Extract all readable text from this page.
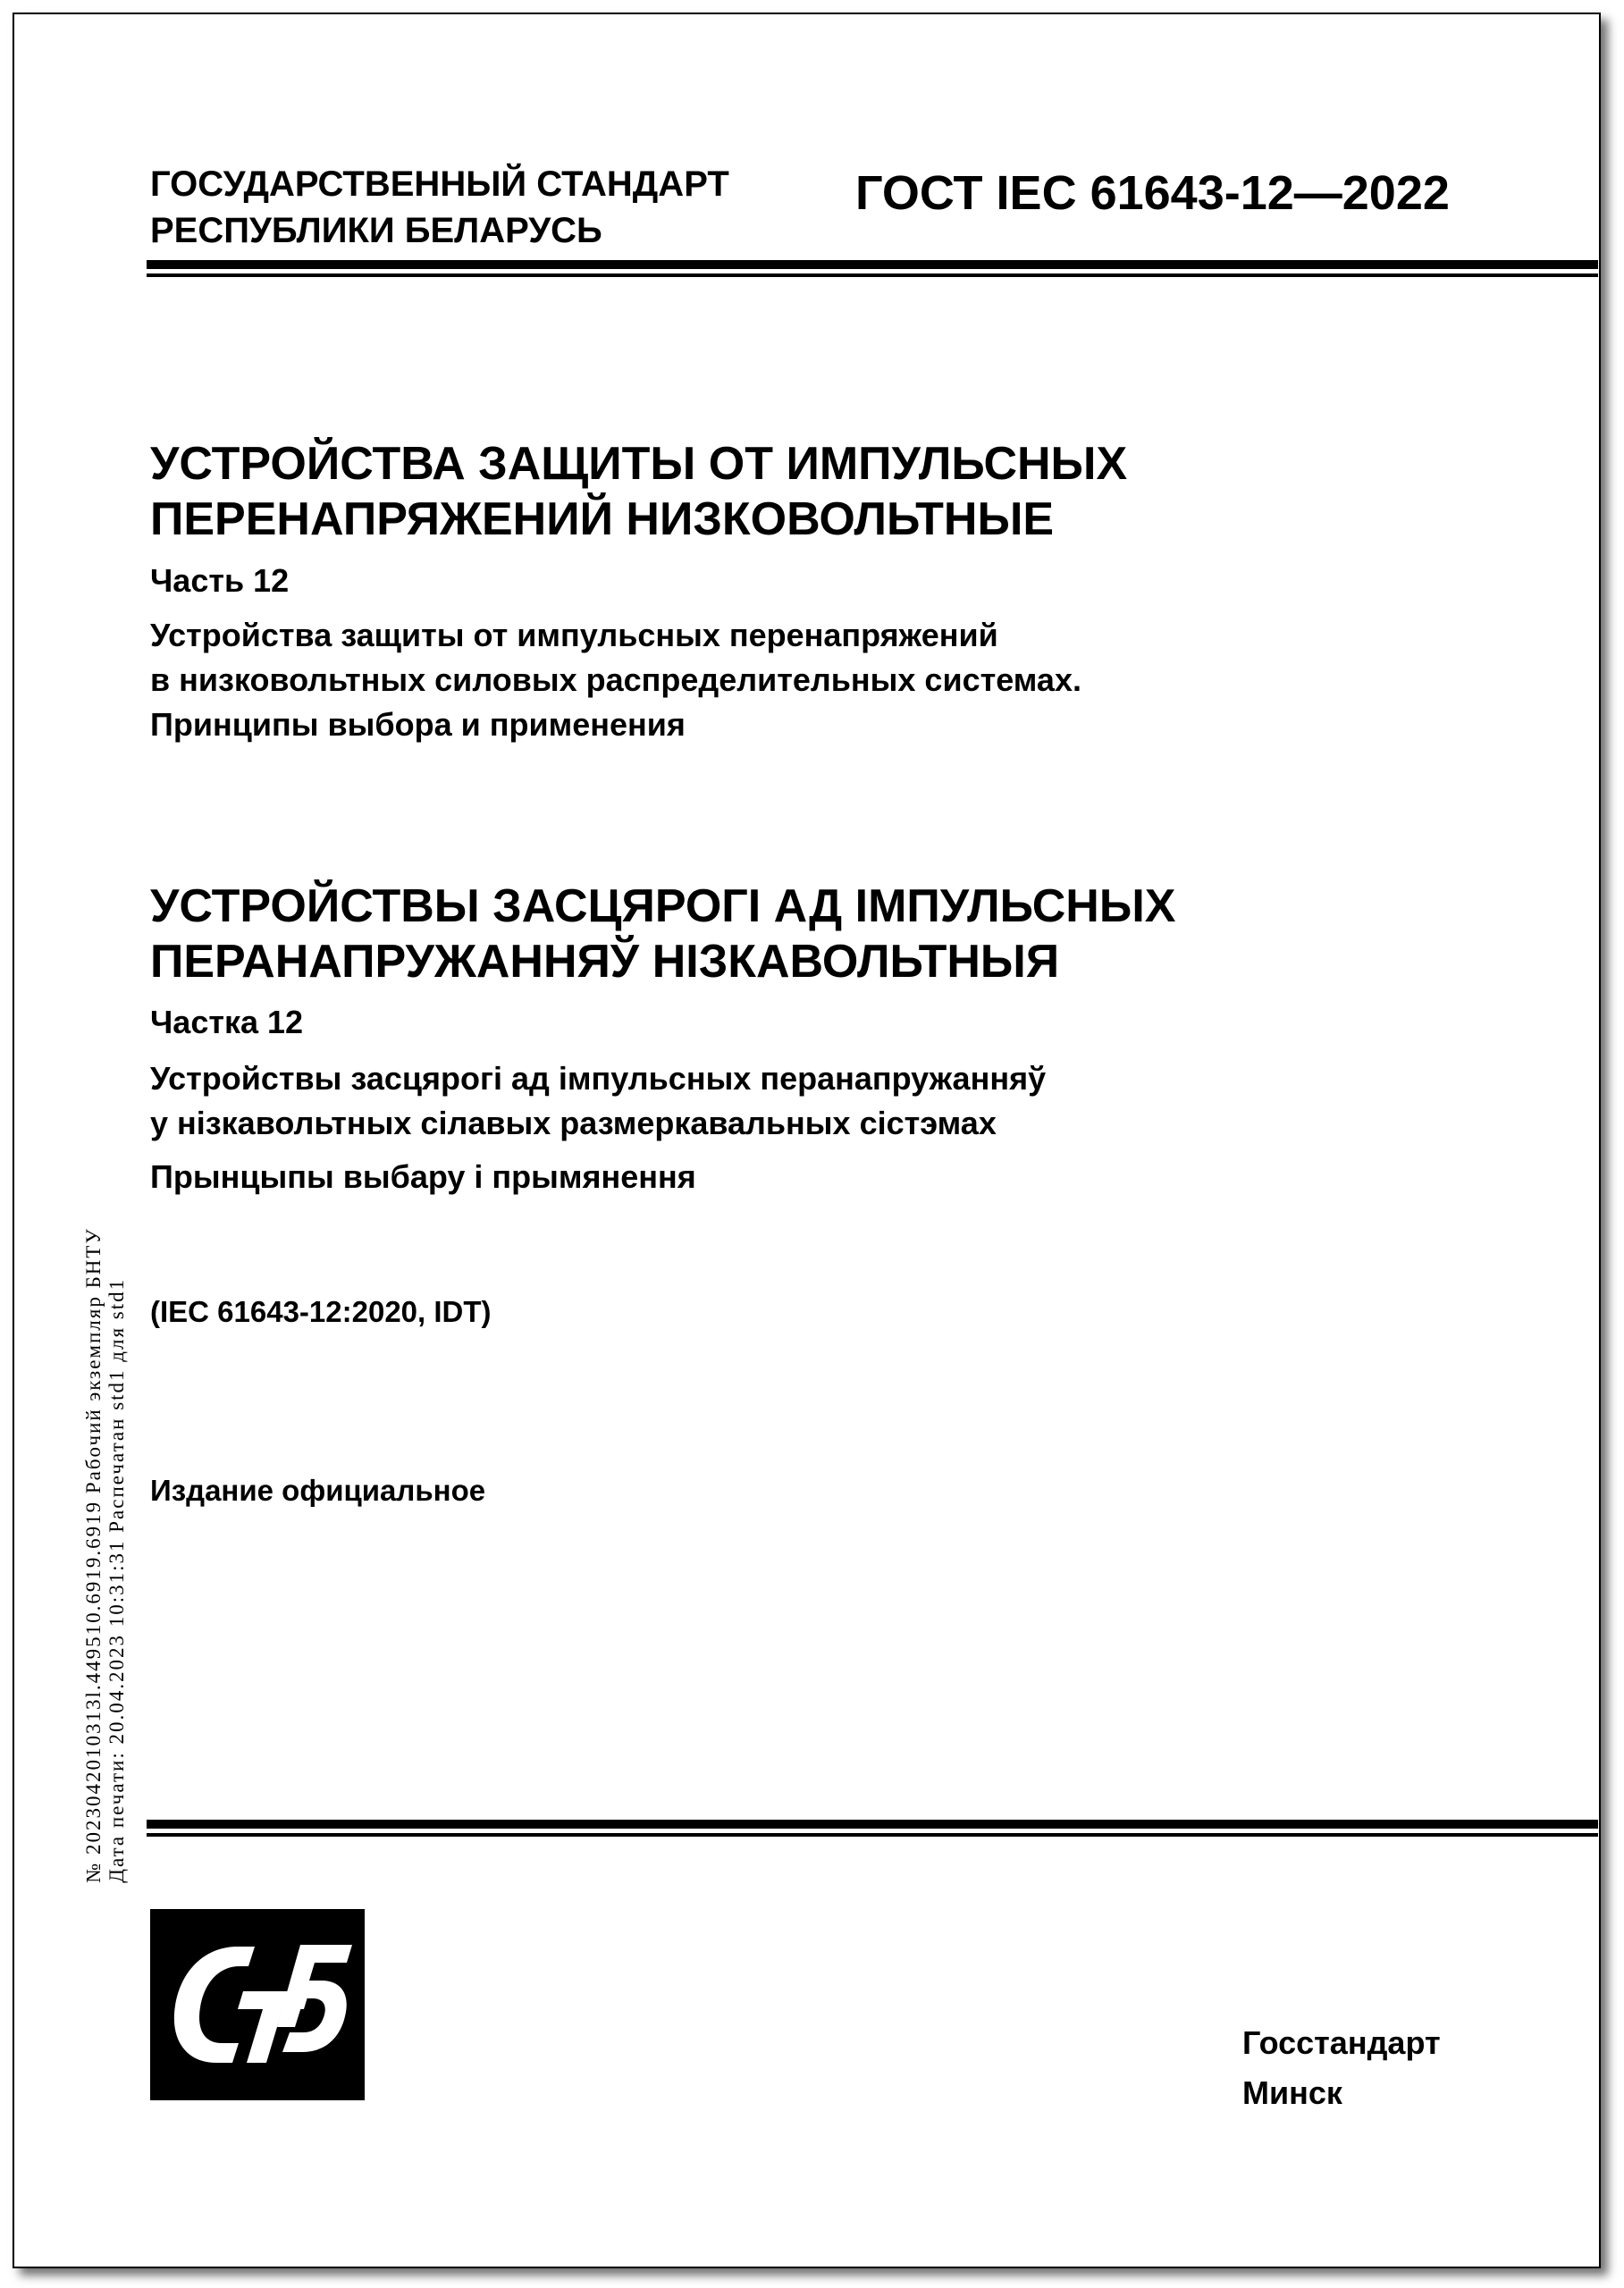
ГОСУДАРСТВЕННЫЙ СТАНДАРТ
РЕСПУБЛИКИ БЕЛАРУСЬ
ГОСТ IEC 61643-12—2022
УСТРОЙСТВА ЗАЩИТЫ ОТ ИМПУЛЬСНЫХ
ПЕРЕНАПРЯЖЕНИЙ НИЗКОВОЛЬТНЫЕ
Часть 12
Устройства защиты от импульсных перенапряжений
в низковольтных силовых распределительных системах.
Принципы выбора и применения
УСТРОЙСТВЫ ЗАСЦЯРОГІ АД ІМПУЛЬСНЫХ
ПЕРАНАПРУЖАННЯЎ НІЗКАВОЛЬТНЫЯ
Частка 12
Устройствы засцярогі ад імпульсных перанапружанняў
у нізкавольтных сілавых размеркавальных сістэмах
Прынцыпы выбару і прымянення
(IEC 61643-12:2020, IDT)
Издание официальное
№ 2023042010313l.449510.6919.6919 Рабочий экземпляр БНТУ Дата печати: 20.04.2023 10:31:31 Распечатан std1 для std1
Госстандарт
Минск
